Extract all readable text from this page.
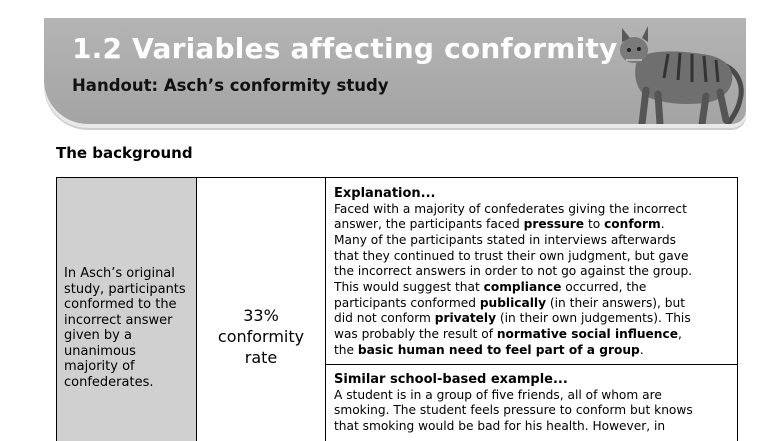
1.2 Variables affecting conformity
Handout: Asch’s conformity study
The background
In Asch’s original study, participants conformed to the incorrect answer given by a unanimous majority of confederates.
33%
conformity
rate
Explanation...
Faced with a majority of confederates giving the incorrect
answer, the participants faced pressure to conform.
Many of the participants stated in interviews afterwards
that they continued to trust their own judgment, but gave
the incorrect answers in order to not go against the group.
This would suggest that compliance occurred, the
participants conformed publically (in their answers), but
did not conform privately (in their own judgements). This
was probably the result of normative social influence,
the basic human need to feel part of a group.
Similar school-based example...
A student is in a group of five friends, all of whom are
smoking. The student feels pressure to conform but knows
that smoking would be bad for his health. However, in
